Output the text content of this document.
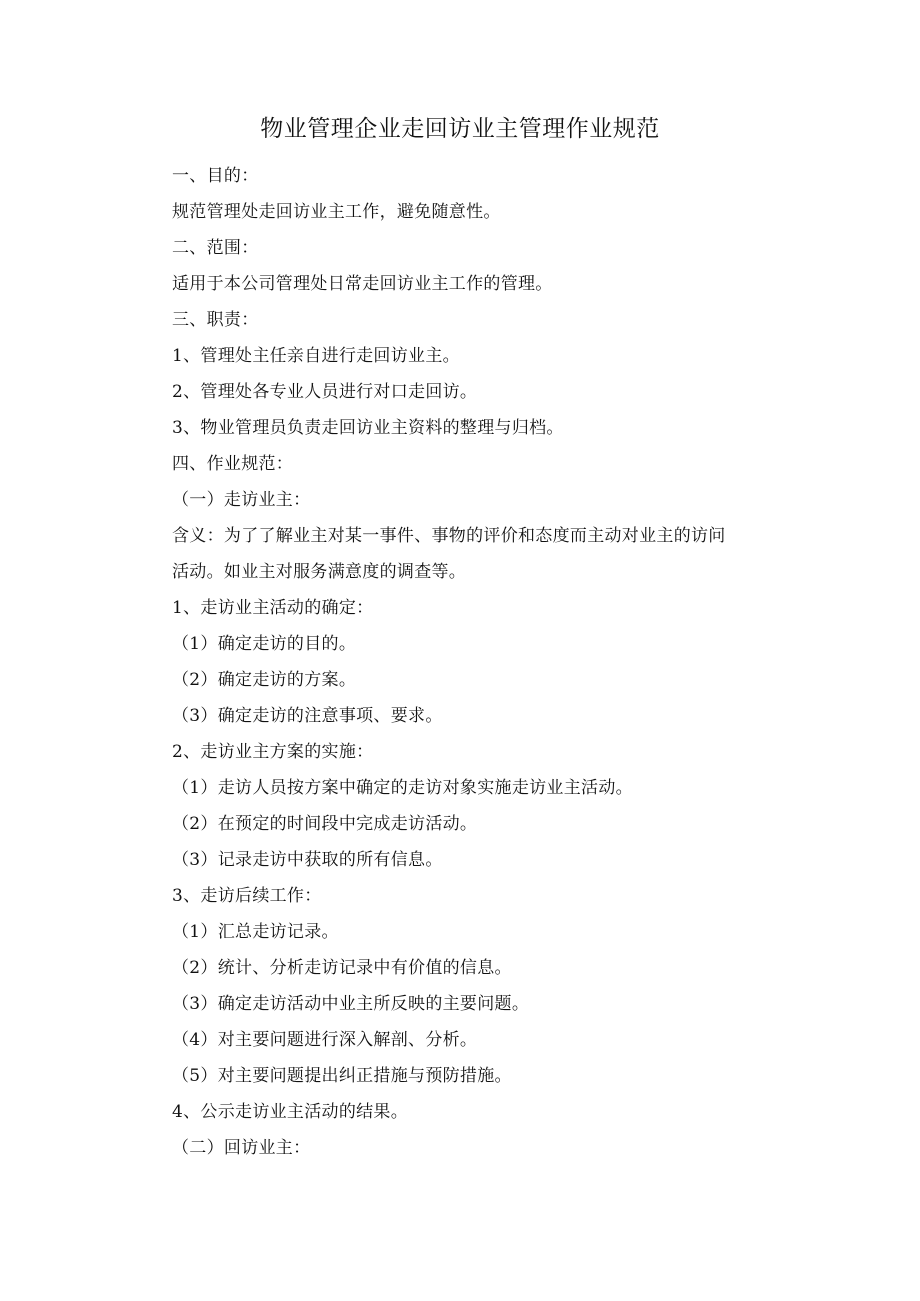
物业管理企业走回访业主管理作业规范
一、目的：
规范管理处走回访业主工作，避免随意性。
二、范围：
适用于本公司管理处日常走回访业主工作的管理。
三、职责：
1、管理处主任亲自进行走回访业主。
2、管理处各专业人员进行对口走回访。
3、物业管理员负责走回访业主资料的整理与归档。
四、作业规范：
（一）走访业主：
含义：为了了解业主对某一事件、事物的评价和态度而主动对业主的访问
活动。如业主对服务满意度的调查等。
1、走访业主活动的确定：
（1）确定走访的目的。
（2）确定走访的方案。
（3）确定走访的注意事项、要求。
2、走访业主方案的实施：
（1）走访人员按方案中确定的走访对象实施走访业主活动。
（2）在预定的时间段中完成走访活动。
（3）记录走访中获取的所有信息。
3、走访后续工作：
（1）汇总走访记录。
（2）统计、分析走访记录中有价值的信息。
（3）确定走访活动中业主所反映的主要问题。
（4）对主要问题进行深入解剖、分析。
（5）对主要问题提出纠正措施与预防措施。
4、公示走访业主活动的结果。
（二）回访业主：
